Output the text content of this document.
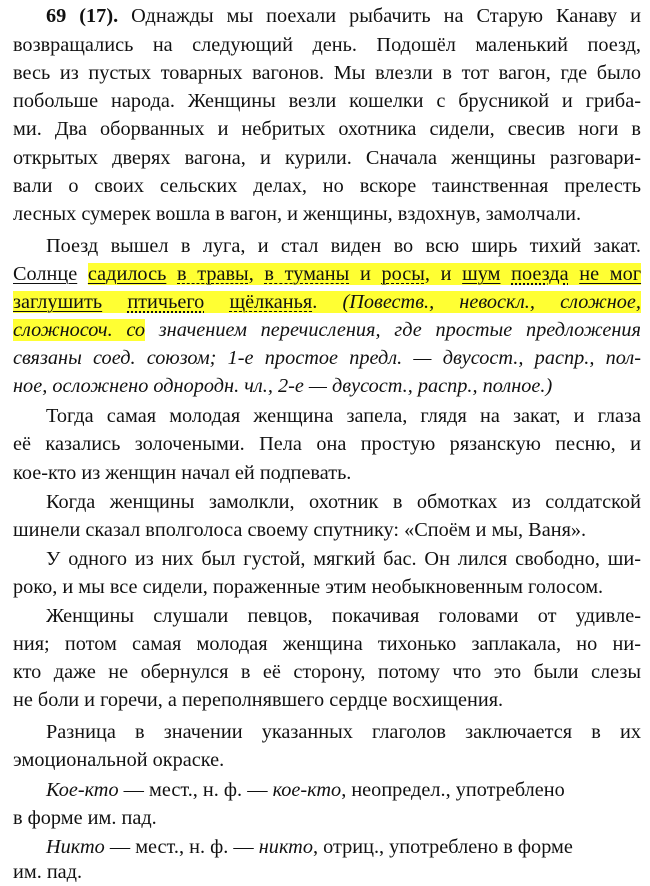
69 (17). Однажды мы поехали рыбачить на Старую Канаву и
возвращались на следующий день. Подошёл маленький поезд,
весь из пустых товарных вагонов. Мы влезли в тот вагон, где было
побольше народа. Женщины везли кошелки с брусникой и гриба-
ми. Два оборванных и небритых охотника сидели, свесив ноги в
открытых дверях вагона, и курили. Сначала женщины разговари-
вали о своих сельских делах, но вскоре таинственная прелесть
лесных сумерек вошла в вагон, и женщины, вздохнув, замолчали.
Поезд вышел в луга, и стал виден во всю ширь тихий закат.
Солнце садилось в травы, в туманы и росы, и шум поезда не мог
заглушить птичьего щёлканья. (Повеств., невоскл., сложное,
сложносоч. со значением перечисления, где простые предложения
связаны соед. союзом; 1-е простое предл. — двусост., распр., пол-
ное, осложнено однородн. чл., 2-е — двусост., распр., полное.)
Тогда самая молодая женщина запела, глядя на закат, и глаза
её казались золочеными. Пела она простую рязанскую песню, и
кое-кто из женщин начал ей подпевать.
Когда женщины замолкли, охотник в обмотках из солдатской
шинели сказал вполголоса своему спутнику: «Споём и мы, Ваня».
У одного из них был густой, мягкий бас. Он лился свободно, ши-
роко, и мы все сидели, пораженные этим необыкновенным голосом.
Женщины слушали певцов, покачивая головами от удивле-
ния; потом самая молодая женщина тихонько заплакала, но ни-
кто даже не обернулся в её сторону, потому что это были слезы
не боли и горечи, а переполнявшего сердце восхищения.
Разница в значении указанных глаголов заключается в их
эмоциональной окраске.
Кое-кто — мест., н. ф. — кое-кто, неопредел., употреблено
в форме им. пад.
Никто — мест., н. ф. — никто, отриц., употреблено в форме
им. пад.
